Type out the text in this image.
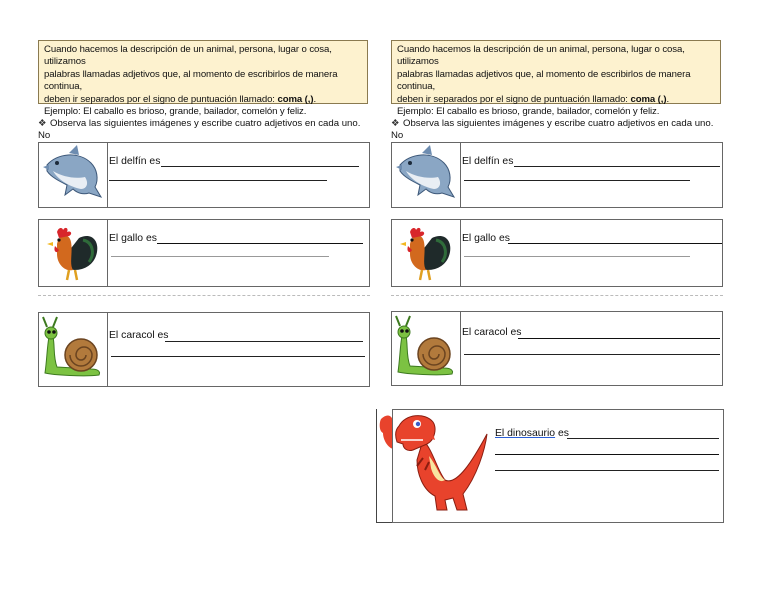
Cuando hacemos la descripción de un animal, persona, lugar o cosa, utilizamos
palabras llamadas adjetivos que, al momento de escribirlos de manera continua,
deben ir separados por el signo de puntuación llamado: coma (,).
Ejemplo: El caballo es brioso, grande, bailador, comelón y feliz.
❖ Observa las siguientes imágenes y escribe cuatro adjetivos en cada uno. No
El delfín es
El gallo es
El caracol es
Cuando hacemos la descripción de un animal, persona, lugar o cosa, utilizamos
palabras llamadas adjetivos que, al momento de escribirlos de manera continua,
deben ir separados por el signo de puntuación llamado: coma (,).
Ejemplo: El caballo es brioso, grande, bailador, comelón y feliz.
❖ Observa las siguientes imágenes y escribe cuatro adjetivos en cada uno. No
El delfín es
El gallo es
El caracol es
El dinosaurio es
